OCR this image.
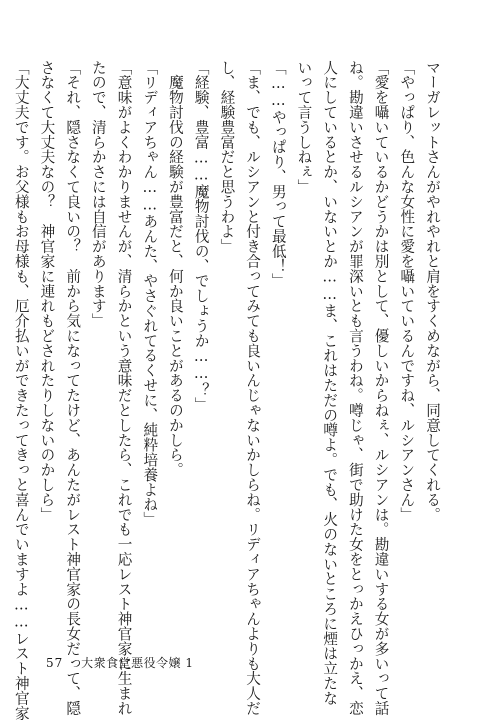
マーガレットさんがやれやれと肩をすくめながら、同意してくれる。

「やっぱり、色んな女性に愛を囁いているんですね、ルシアンさん」

「愛を囁いているかどうかは別として、優しいからねぇ、ルシアンは。勘違いする女が多いって話

ね。勘違いさせるルシアンが罪深いとも言うわね。噂じゃ、街で助けた女をとっかえひっかえ、恋

人にしているとか、いないとか……ま、これはただの噂よ。でも、火のないところに煙は立たな

いって言うしねぇ」

「……やっぱり、男って最低！」

「ま、でも、ルシアンと付き合ってみても良いんじゃないかしらね。リディアちゃんよりも大人だ

し、経験豊富だと思うわよ」

「経験、豊富……魔物討伐の、でしょうか……？」

　魔物討伐の経験が豊富だと、何か良いことがあるのかしら。

「リディアちゃん……あんた、やさぐれてるくせに、純粋培養よね」

「意味がよくわかりませんが、清らかという意味だとしたら、これでも一応レスト神官家に生まれ

たので、清らかさには自信があります」

「それ、隠さなくて良いの？　前から気になってたけど、あんたがレスト神官家の長女だって、隠

さなくて大丈夫なの？　神官家に連れもどされたりしないのかしら」

「大丈夫です。お父様もお母様も、厄介払いができたってきっと喜んでいますよ……レスト神官家	57 大衆食堂悪役令嬢 1
